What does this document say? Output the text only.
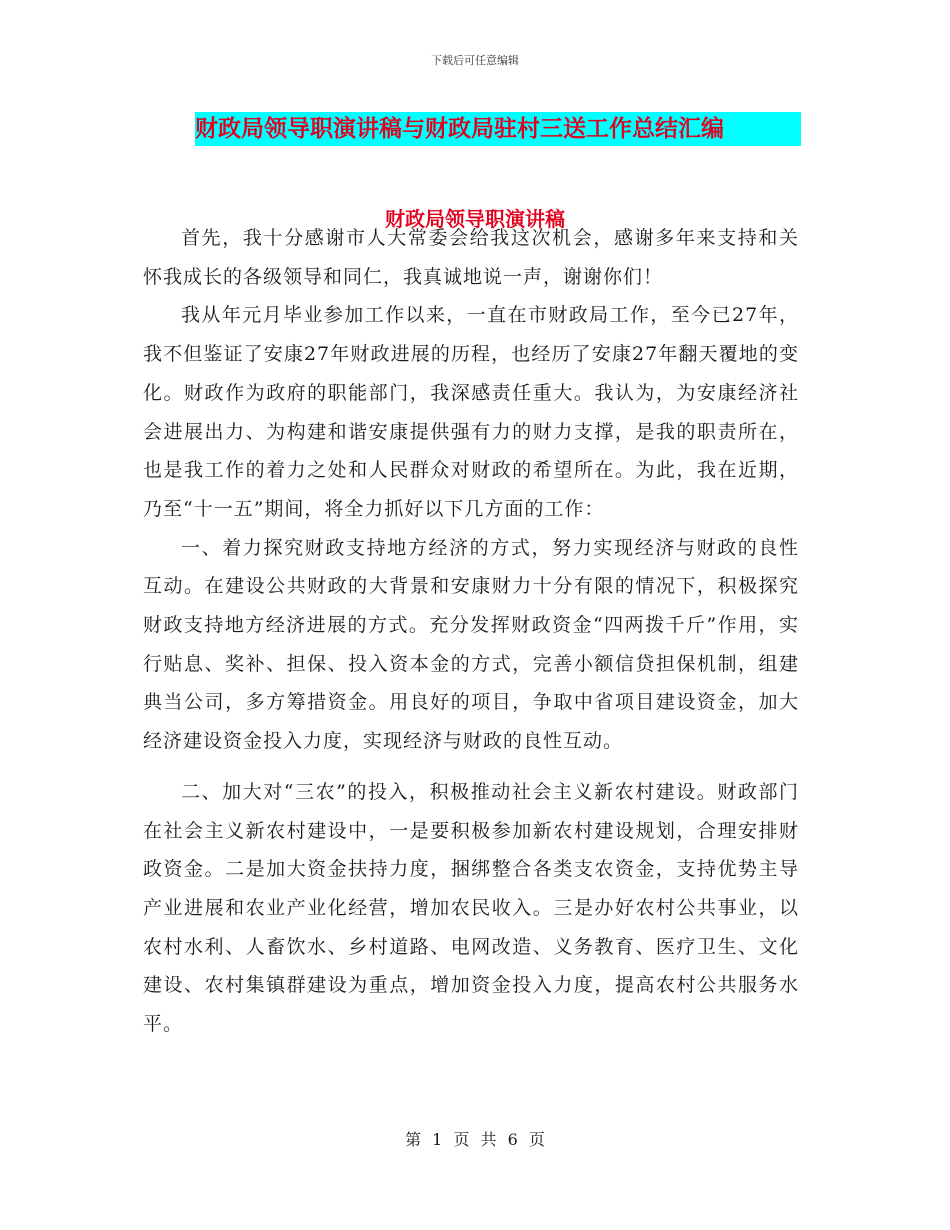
下载后可任意编辑
财政局领导职演讲稿与财政局驻村三送工作总结汇编
财政局领导职演讲稿

首先，我十分感谢市人大常委会给我这次机会，感谢多年来支持和关怀我成长的各级领导和同仁，我真诚地说一声，谢谢你们！

我从年元月毕业参加工作以来，一直在市财政局工作，至今已27年，我不但鉴证了安康27年财政进展的历程，也经历了安康27年翻天覆地的变化。财政作为政府的职能部门，我深感责任重大。我认为，为安康经济社会进展出力、为构建和谐安康提供强有力的财力支撑，是我的职责所在，也是我工作的着力之处和人民群众对财政的希望所在。为此，我在近期，乃至“十一五”期间，将全力抓好以下几方面的工作：

一、着力探究财政支持地方经济的方式，努力实现经济与财政的良性互动。在建设公共财政的大背景和安康财力十分有限的情况下，积极探究财政支持地方经济进展的方式。充分发挥财政资金“四两拨千斤”作用，实行贴息、奖补、担保、投入资本金的方式，完善小额信贷担保机制，组建典当公司，多方筹措资金。用良好的项目，争取中省项目建设资金，加大经济建设资金投入力度，实现经济与财政的良性互动。

二、加大对“三农”的投入，积极推动社会主义新农村建设。财政部门在社会主义新农村建设中，一是要积极参加新农村建设规划，合理安排财政资金。二是加大资金扶持力度，捆绑整合各类支农资金，支持优势主导产业进展和农业产业化经营，增加农民收入。三是办好农村公共事业，以农村水利、人畜饮水、乡村道路、电网改造、义务教育、医疗卫生、文化建设、农村集镇群建设为重点，增加资金投入力度，提高农村公共服务水平。

第 1 页 共 6 页
